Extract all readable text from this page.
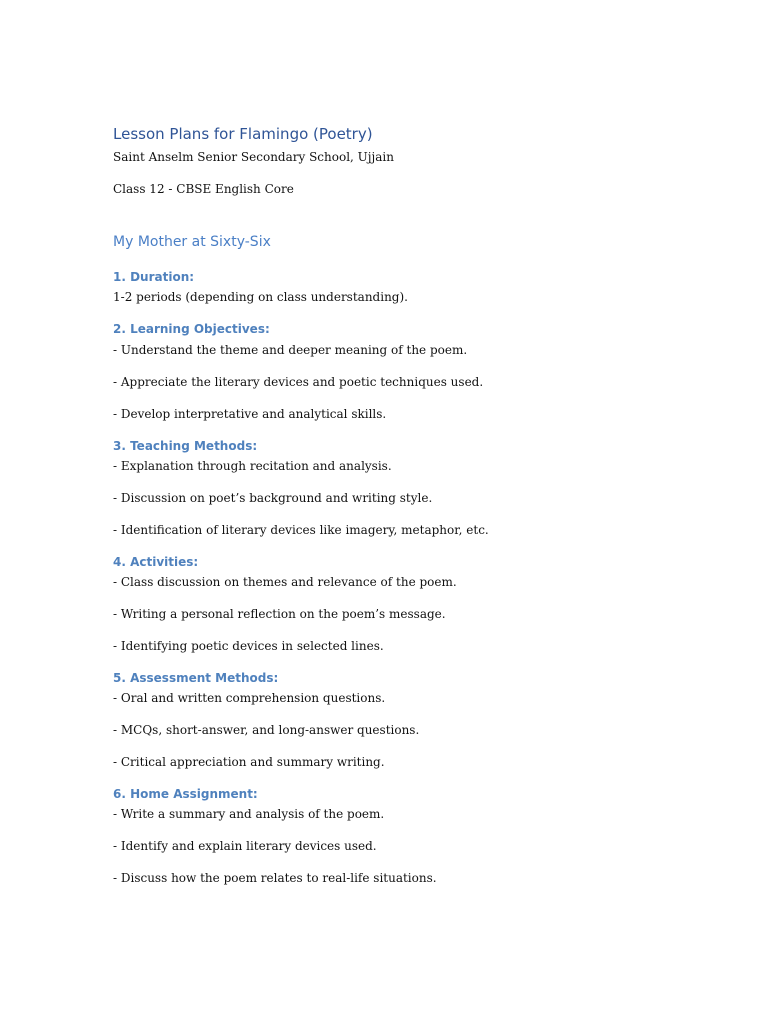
Lesson Plans for Flamingo (Poetry)
Saint Anselm Senior Secondary School, Ujjain
Class 12 - CBSE English Core
My Mother at Sixty-Six
1. Duration:
1-2 periods (depending on class understanding).
2. Learning Objectives:
- Understand the theme and deeper meaning of the poem.
- Appreciate the literary devices and poetic techniques used.
- Develop interpretative and analytical skills.
3. Teaching Methods:
- Explanation through recitation and analysis.
- Discussion on poet’s background and writing style.
- Identification of literary devices like imagery, metaphor, etc.
4. Activities:
- Class discussion on themes and relevance of the poem.
- Writing a personal reflection on the poem’s message.
- Identifying poetic devices in selected lines.
5. Assessment Methods:
- Oral and written comprehension questions.
- MCQs, short-answer, and long-answer questions.
- Critical appreciation and summary writing.
6. Home Assignment:
- Write a summary and analysis of the poem.
- Identify and explain literary devices used.
- Discuss how the poem relates to real-life situations.
